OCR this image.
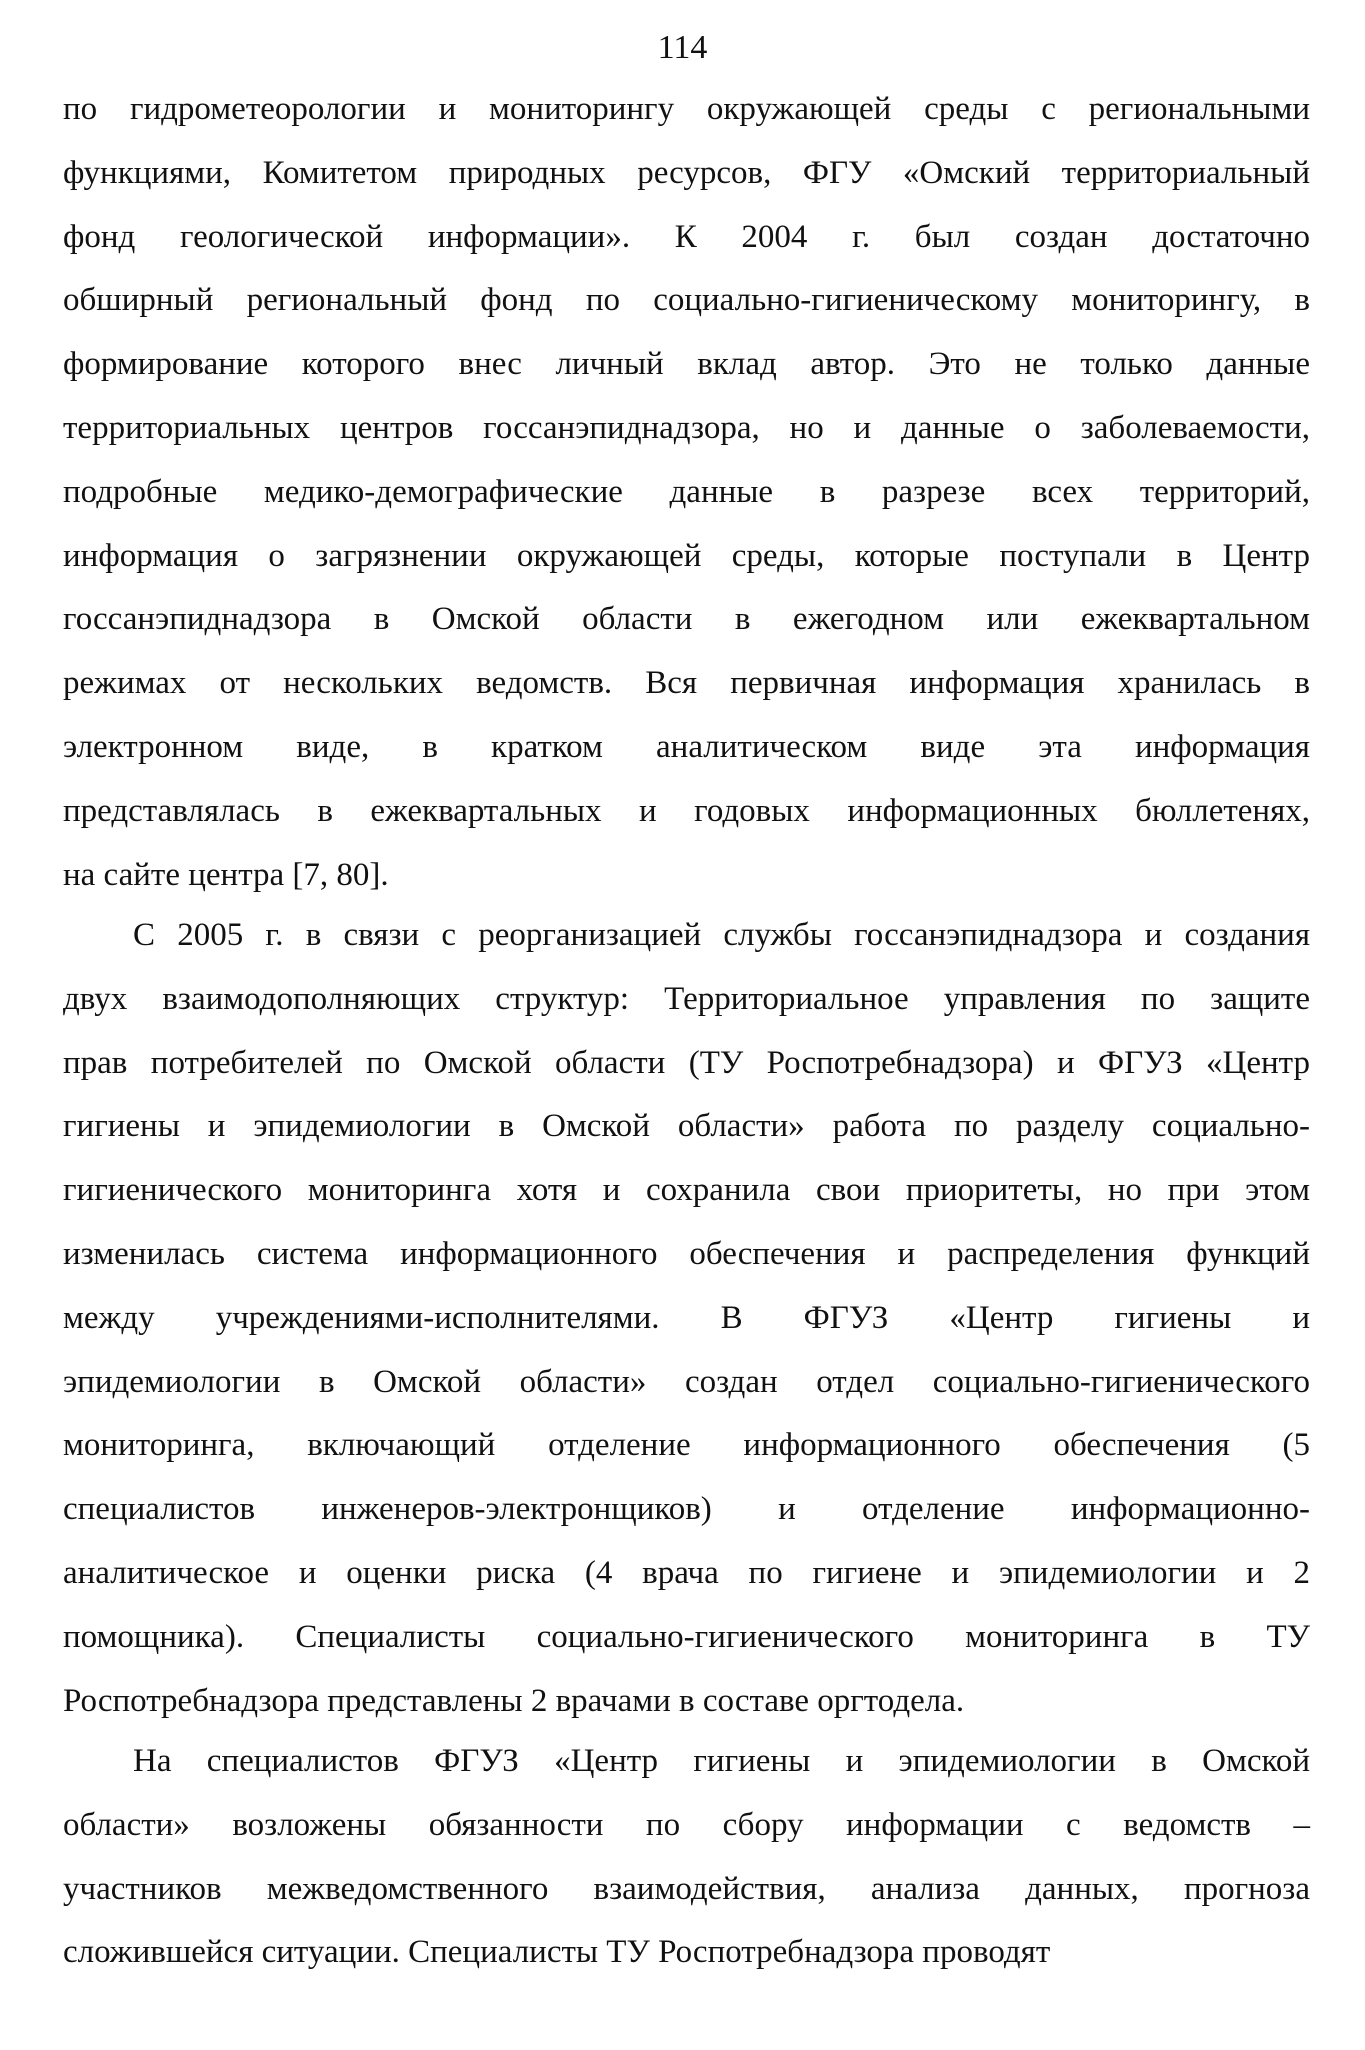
114
по гидрометеорологии и мониторингу окружающей среды с региональными
функциями, Комитетом природных ресурсов, ФГУ «Омский территориальный
фонд геологической информации». К 2004 г. был создан достаточно
обширный региональный фонд по социально-гигиеническому мониторингу, в
формирование которого внес личный вклад автор. Это не только данные
территориальных центров госсанэпиднадзора, но и данные о заболеваемости,
подробные медико-демографические данные в разрезе всех территорий,
информация о загрязнении окружающей среды, которые поступали в Центр
госсанэпиднадзора в Омской области в ежегодном или ежеквартальном
режимах от нескольких ведомств. Вся первичная информация хранилась в
электронном виде, в кратком аналитическом виде эта информация
представлялась в ежеквартальных и годовых информационных бюллетенях,
на сайте центра [7, 80].
С 2005 г. в связи с реорганизацией службы госсанэпиднадзора и создания
двух взаимодополняющих структур: Территориальное управления по защите
прав потребителей по Омской области (ТУ Роспотребнадзора) и ФГУЗ «Центр
гигиены и эпидемиологии в Омской области» работа по разделу социально-
гигиенического мониторинга хотя и сохранила свои приоритеты, но при этом
изменилась система информационного обеспечения и распределения функций
между учреждениями-исполнителями. В ФГУЗ «Центр гигиены и
эпидемиологии в Омской области» создан отдел социально-гигиенического
мониторинга, включающий отделение информационного обеспечения (5
специалистов инженеров-электронщиков) и отделение информационно-
аналитическое и оценки риска (4 врача по гигиене и эпидемиологии и 2
помощника). Специалисты социально-гигиенического мониторинга в ТУ
Роспотребнадзора представлены 2 врачами в составе оргтодела.
На специалистов ФГУЗ «Центр гигиены и эпидемиологии в Омской
области» возложены обязанности по сбору информации с ведомств –
участников межведомственного взаимодействия, анализа данных, прогноза
сложившейся ситуации. Специалисты ТУ Роспотребнадзора проводят
